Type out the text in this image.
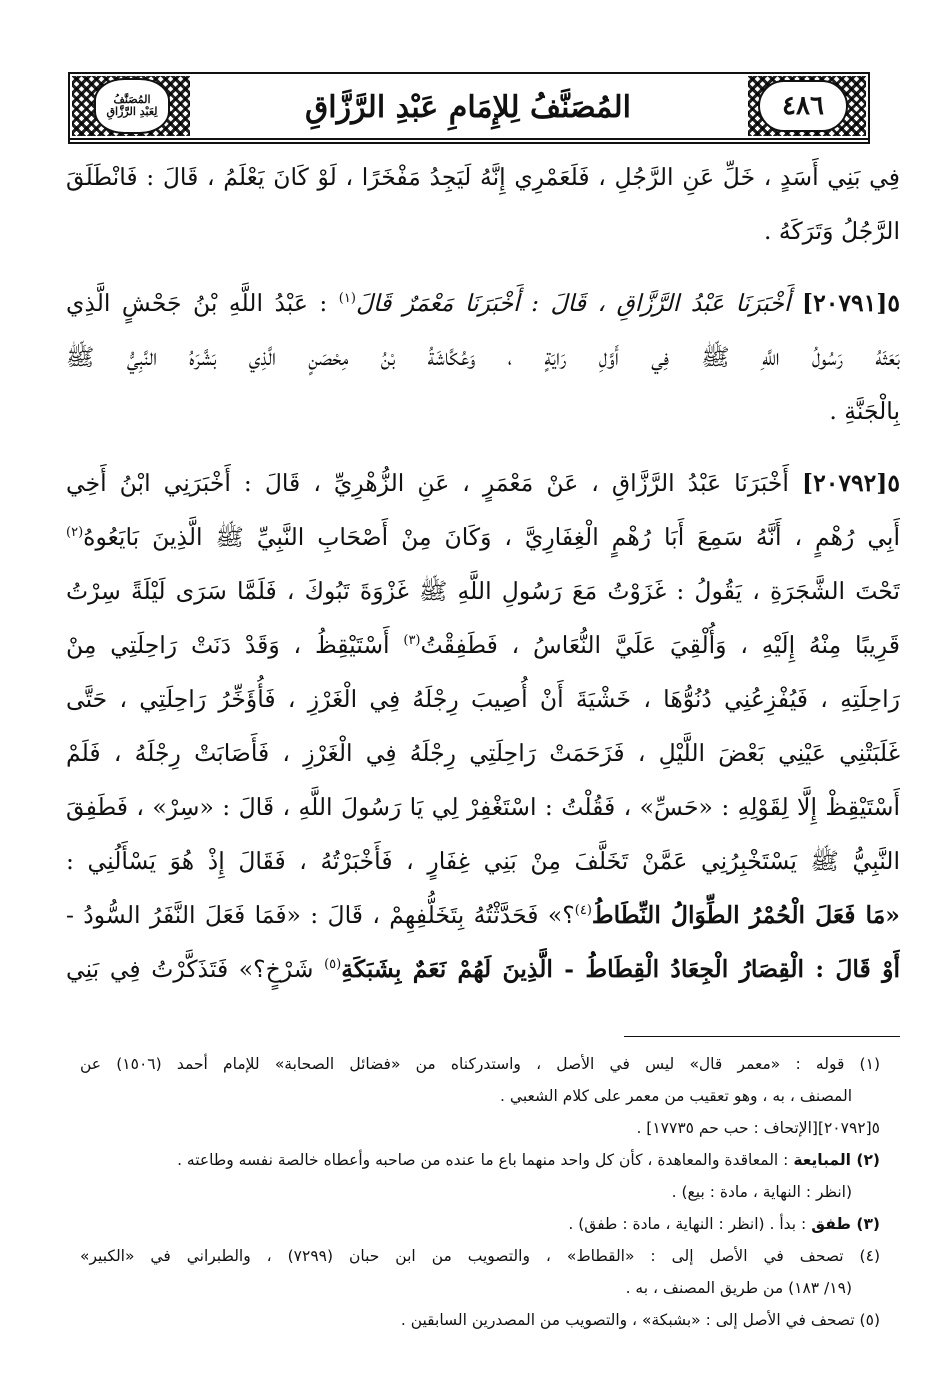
المُصَنَّفُ
لِعَبْدِ الرَّزَّاقِ	المُصَنَّفُ لِلإِمَامِ عَبْدِ الرَّزَّاقِ	٤٨٦
فِي بَنِي أَسَدٍ ، خَلِّ عَنِ الرَّجُلِ ، فَلَعَمْرِي إِنَّهُ لَيَجِدُ مَفْخَرًا ، لَوْ كَانَ يَعْلَمُ ، قَالَ : فَانْطَلَقَ
الرَّجُلُ وَتَرَكَهُ .
٥[٢٠٧٩١] أَخْبَرَنَا عَبْدُ الرَّزَّاقِ ، قَالَ : أَخْبَرَنَا مَعْمَرٌ قَالَ$^{(١)}$ : عَبْدُ اللَّهِ بْنُ جَحْشٍ الَّذِي
بَعَثَهُ رَسُولُ اللَّهِ ﷺ فِي أَوَّلِ رَايَةٍ ، وَعُكَّاشَةُ بْنُ مِحْصَنٍ الَّذِي بَشَّرَهُ النَّبِيُّ ﷺ
بِالْجَنَّةِ .
٥[٢٠٧٩٢] أَخْبَرَنَا عَبْدُ الرَّزَّاقِ ، عَنْ مَعْمَرٍ ، عَنِ الزُّهْرِيِّ ، قَالَ : أَخْبَرَنِي ابْنُ أَخِي
أَبِي رُهْمٍ ، أَنَّهُ سَمِعَ أَبَا رُهْمٍ الْغِفَارِيَّ ، وَكَانَ مِنْ أَصْحَابِ النَّبِيِّ ﷺ الَّذِينَ بَايَعُوهُ$^{(٢)}$
تَحْتَ الشَّجَرَةِ ، يَقُولُ : غَزَوْتُ مَعَ رَسُولِ اللَّهِ ﷺ غَزْوَةَ تَبُوكَ ، فَلَمَّا سَرَى لَيْلَةً سِرْتُ
قَرِيبًا مِنْهُ إِلَيْهِ ، وَأُلْقِيَ عَلَيَّ النُّعَاسُ ، فَطَفِقْتُ$^{(٣)}$ أَسْتَيْقِظُ ، وَقَدْ دَنَتْ رَاحِلَتِي مِنْ
رَاحِلَتِهِ ، فَيُفْزِعُنِي دُنُوُّهَا ، خَشْيَةَ أَنْ أُصِيبَ رِجْلَهُ فِي الْغَرْزِ ، فَأُؤَخِّرُ رَاحِلَتِي ، حَتَّى
غَلَبَتْنِي عَيْنِي بَعْضَ اللَّيْلِ ، فَزَحَمَتْ رَاحِلَتِي رِجْلَهُ فِي الْغَرْزِ ، فَأَصَابَتْ رِجْلَهُ ، فَلَمْ
أَسْتَيْقِظْ إِلَّا لِقَوْلِهِ : «حَسِّ» ، فَقُلْتُ : اسْتَغْفِرْ لِي يَا رَسُولَ اللَّهِ ، قَالَ : «سِرْ» ، فَطَفِقَ
النَّبِيُّ ﷺ يَسْتَخْبِرُنِي عَمَّنْ تَخَلَّفَ مِنْ بَنِي غِفَارٍ ، فَأَخْبَرْتُهُ ، فَقَالَ إِذْ هُوَ يَسْأَلُنِي :
«مَا فَعَلَ الْحُمْرُ الطِّوَالُ النِّطَاطُ$^{(٤)}$؟» فَحَدَّثْتُهُ بِتَخَلُّفِهِمْ ، قَالَ : «فَمَا فَعَلَ النَّفَرُ السُّودُ -
أَوْ قَالَ : الْقِصَارُ الْجِعَادُ الْقِطَاطُ - الَّذِينَ لَهُمْ نَعَمٌ بِشَبَكَةِ$^{(٥)}$ شَرْخٍ؟» فَتَذَكَّرْتُ فِي بَنِي
(١) قوله : «معمر قال» ليس في الأصل ، واستدركناه من «فضائل الصحابة» للإمام أحمد (١٥٠٦) عن
المصنف ، به ، وهو تعقيب من معمر على كلام الشعبي .
٥[٢٠٧٩٢][الإتحاف : حب حم ١٧٧٣٥] .
(٢) المبايعة : المعاقدة والمعاهدة ، كأن كل واحد منهما باع ما عنده من صاحبه وأعطاه خالصة نفسه وطاعته .
(انظر : النهاية ، مادة : بيع) .
(٣) طفق : بدأ . (انظر : النهاية ، مادة : طفق) .
(٤) تصحف في الأصل إلى : «القطاط» ، والتصويب من ابن حبان (٧٢٩٩) ، والطبراني في «الكبير»
(١٩/ ١٨٣) من طريق المصنف ، به .
(٥) تصحف في الأصل إلى : «بشبكة» ، والتصويب من المصدرين السابقين .
